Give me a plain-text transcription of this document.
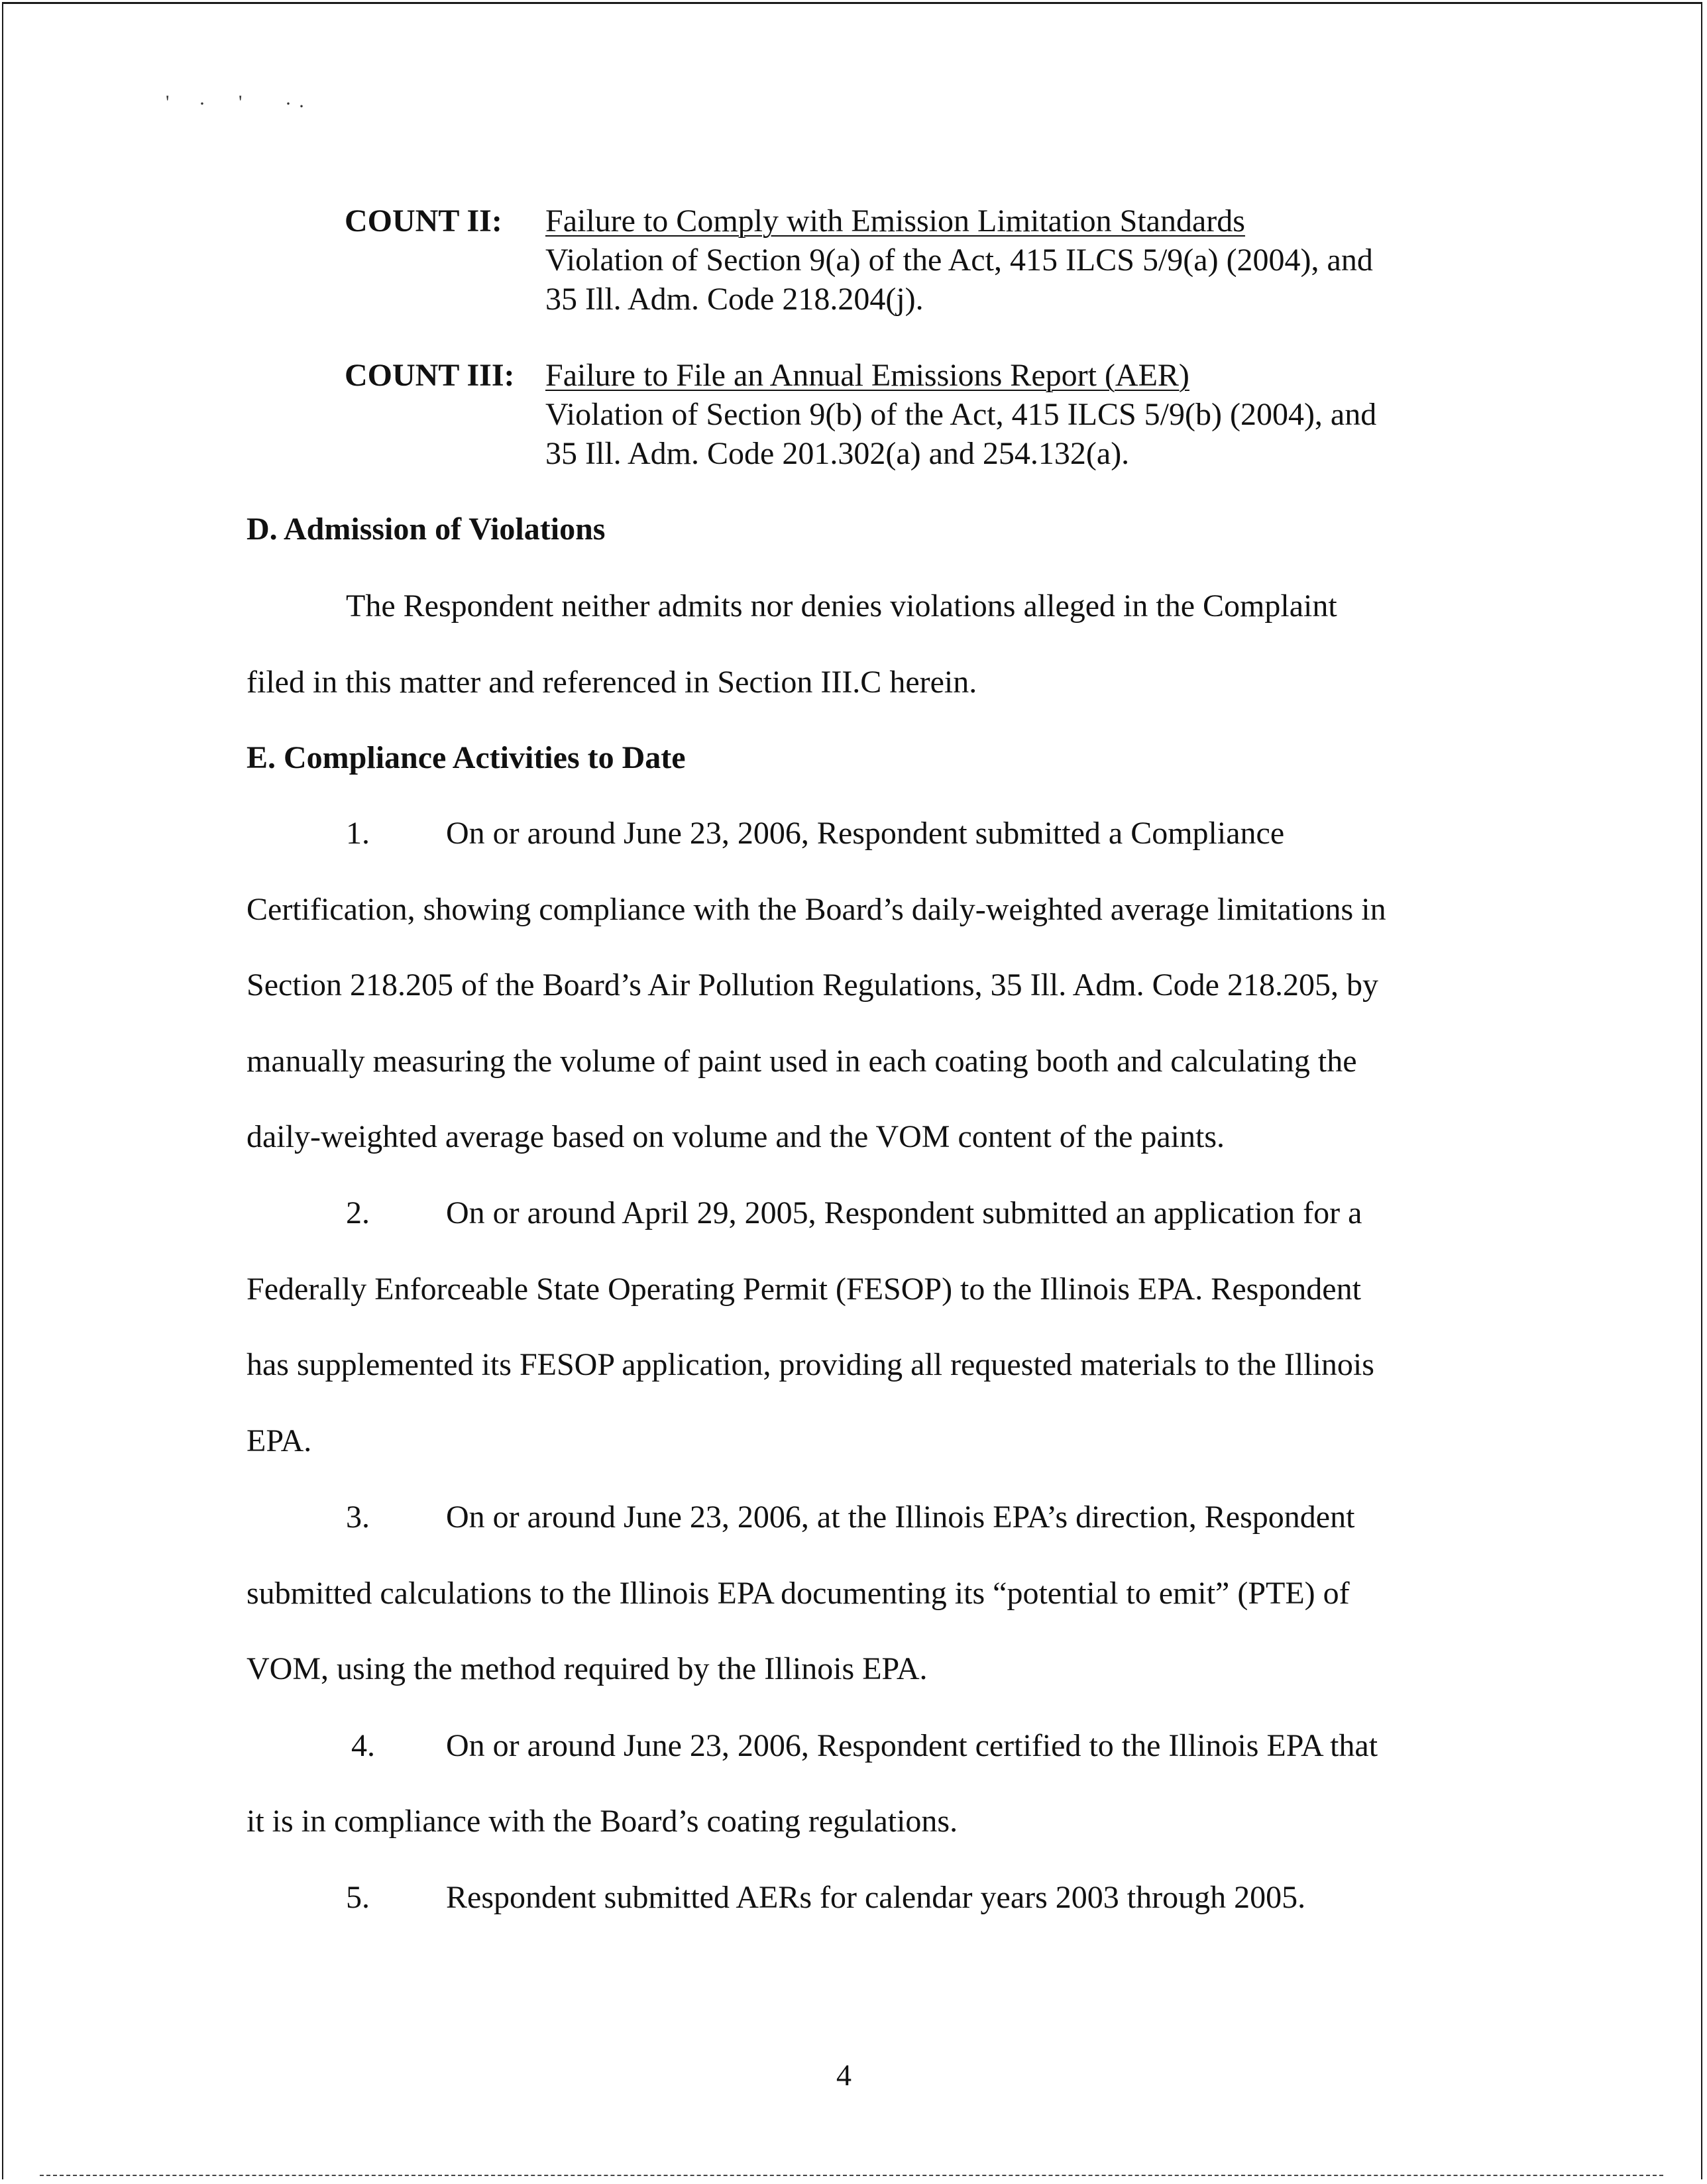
' · ' · ·
COUNT II: Failure to Comply with Emission Limitation Standards
Violation of Section 9(a) of the Act, 415 ILCS 5/9(a) (2004), and
35 Ill. Adm. Code 218.204(j).
COUNT III: Failure to File an Annual Emissions Report (AER)
Violation of Section 9(b) of the Act, 415 ILCS 5/9(b) (2004), and
35 Ill. Adm. Code 201.302(a) and 254.132(a).
D. Admission of Violations
The Respondent neither admits nor denies violations alleged in the Complaint
filed in this matter and referenced in Section III.C herein.
E. Compliance Activities to Date
1. On or around June 23, 2006, Respondent submitted a Compliance
Certification, showing compliance with the Board’s daily-weighted average limitations in
Section 218.205 of the Board’s Air Pollution Regulations, 35 Ill. Adm. Code 218.205, by
manually measuring the volume of paint used in each coating booth and calculating the
daily-weighted average based on volume and the VOM content of the paints.
2. On or around April 29, 2005, Respondent submitted an application for a
Federally Enforceable State Operating Permit (FESOP) to the Illinois EPA. Respondent
has supplemented its FESOP application, providing all requested materials to the Illinois
EPA.
3. On or around June 23, 2006, at the Illinois EPA’s direction, Respondent
submitted calculations to the Illinois EPA documenting its “potential to emit” (PTE) of
VOM, using the method required by the Illinois EPA.
4. On or around June 23, 2006, Respondent certified to the Illinois EPA that
it is in compliance with the Board’s coating regulations.
5. Respondent submitted AERs for calendar years 2003 through 2005.
4
